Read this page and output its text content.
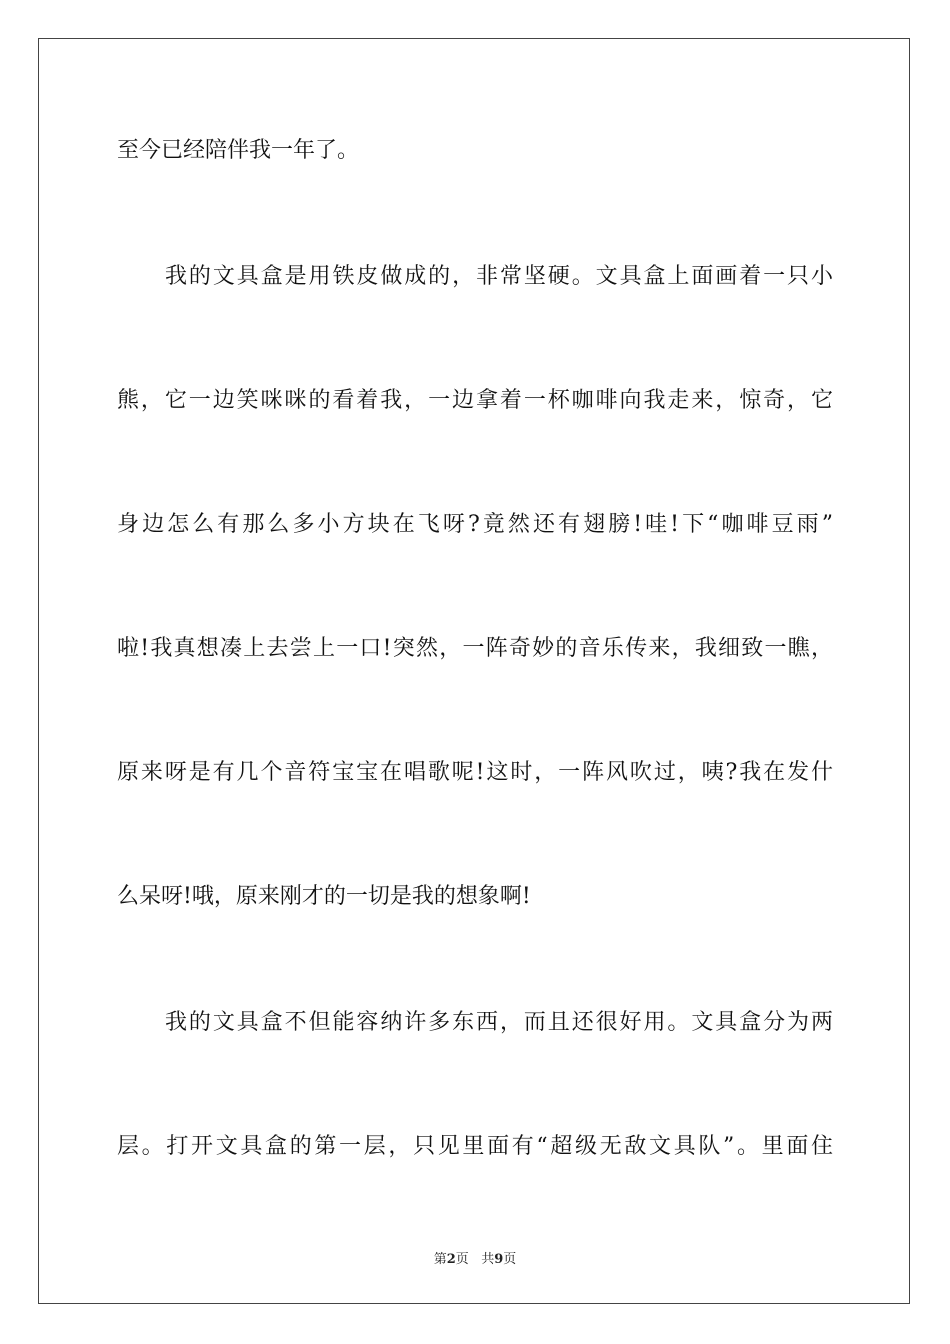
至今已经陪伴我一年了。
我的文具盒是用铁皮做成的，非常坚硬。文具盒上面画着一只小
熊，它一边笑咪咪的看着我，一边拿着一杯咖啡向我走来，惊奇，它
身边怎么有那么多小方块在飞呀?竟然还有翅膀!哇!下“咖啡豆雨”
啦!我真想凑上去尝上一口!突然，一阵奇妙的音乐传来，我细致一瞧，
原来呀是有几个音符宝宝在唱歌呢!这时，一阵风吹过，咦?我在发什
么呆呀!哦，原来刚才的一切是我的想象啊!
我的文具盒不但能容纳许多东西，而且还很好用。文具盒分为两
层。打开文具盒的第一层，只见里面有“超级无敌文具队”。里面住
第2页 共9页
